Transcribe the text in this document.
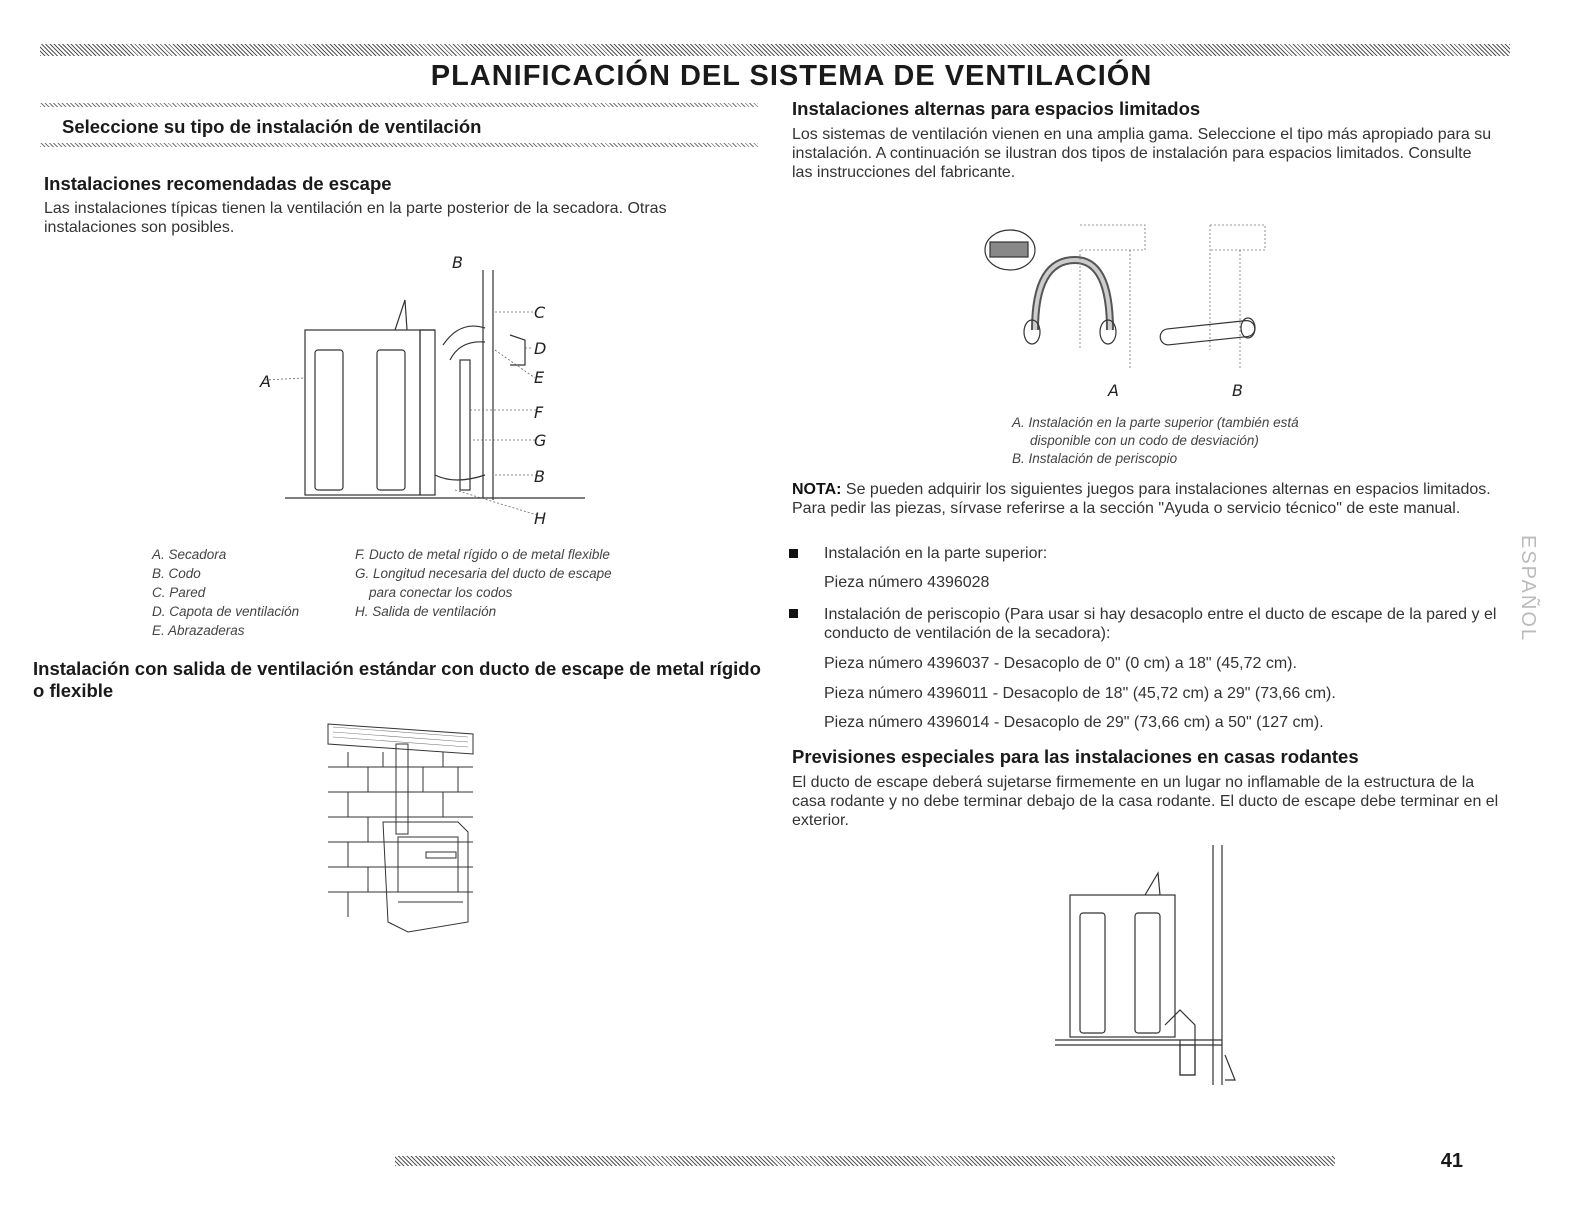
PLANIFICACIÓN DEL SISTEMA DE VENTILACIÓN
Seleccione su tipo de instalación de ventilación
Instalaciones recomendadas de escape
Las instalaciones típicas tienen la ventilación en la parte posterior de la secadora. Otras instalaciones son posibles.
A
B
C
D
E
F
G
B
H
A. Secadora
B. Codo
C. Pared
D. Capota de ventilación
E. Abrazaderas
F. Ducto de metal rígido o de metal flexible
G. Longitud necesaria del ducto de escape
para conectar los codos
H. Salida de ventilación
Instalación con salida de ventilación estándar con ducto de escape de metal rígido o flexible
Instalaciones alternas para espacios limitados
Los sistemas de ventilación vienen en una amplia gama. Seleccione el tipo más apropiado para su instalación. A continuación se ilustran dos tipos de instalación para espacios limitados. Consulte las instrucciones del fabricante.
A	B
A. Instalación en la parte superior (también está
disponible con un codo de desviación)
B. Instalación de periscopio
NOTA: Se pueden adquirir los siguientes juegos para instalaciones alternas en espacios limitados. Para pedir las piezas, sírvase referirse a la sección "Ayuda o servicio técnico" de este manual.
Instalación en la parte superior:
Pieza número 4396028
Instalación de periscopio (Para usar si hay desacoplo entre el ducto de escape de la pared y el conducto de ventilación de la secadora):
Pieza número 4396037 - Desacoplo de 0" (0 cm) a 18" (45,72 cm).
Pieza número 4396011 - Desacoplo de 18" (45,72 cm) a 29" (73,66 cm).
Pieza número 4396014 - Desacoplo de 29" (73,66 cm) a 50" (127 cm).
Previsiones especiales para las instalaciones en casas rodantes
El ducto de escape deberá sujetarse firmemente en un lugar no inflamable de la estructura de la casa rodante y no debe terminar debajo de la casa rodante. El ducto de escape debe terminar en el exterior.
ESPAÑOL
41
